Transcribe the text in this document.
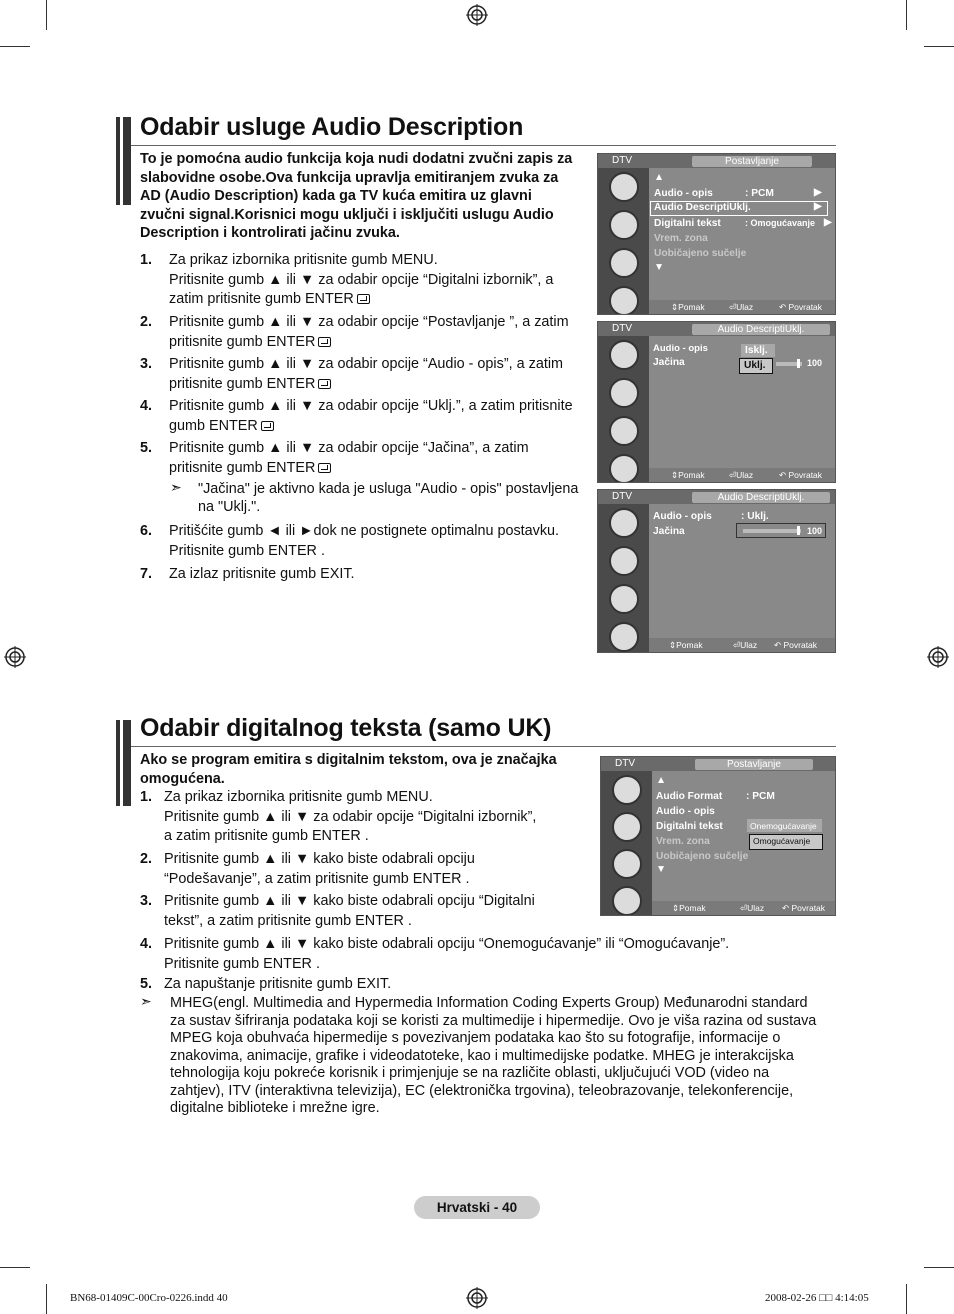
Odabir usluge Audio Description
To je pomoćna audio funkcija koja nudi dodatni zvučni zapis za slabovidne osobe.Ova funkcija upravlja emitiranjem zvuka za AD (Audio Description) kada ga TV kuća emitira uz glavni zvučni signal.Korisnici mogu uključi i isključiti uslugu Audio Description i kontrolirati jačinu zvuka.
1. Za prikaz izbornika pritisnite gumb MENU.
Pritisnite gumb ▲ ili ▼ za odabir opcije “Digitalni izbornik”, a
zatim pritisnite gumb ENTER
2. Pritisnite gumb ▲ ili ▼ za odabir opcije “Postavljanje ”, a zatim
pritisnite gumb ENTER
3. Pritisnite gumb ▲ ili ▼ za odabir opcije “Audio - opis”, a zatim
pritisnite gumb ENTER
4. Pritisnite gumb ▲ ili ▼ za odabir opcije “Uklj.”, a zatim pritisnite
gumb ENTER
5. Pritisnite gumb ▲ ili ▼ za odabir opcije “Jačina”, a zatim
pritisnite gumb ENTER
➣ "Jačina" je aktivno kada je usluga "Audio - opis" postavljena
na "Uklj.".
6. Pritišćite gumb ◄ ili ►dok ne postignete optimalnu postavku.
Pritisnite gumb ENTER .
7. Za izlaz pritisnite gumb EXIT.
DTV	Postavljanje
▲
Audio - opis	: PCM	▶
Audio DescriptiUklj.	▶
Digitalni tekst	: Omogućavanje ▶
Vrem. zona
Uobičajeno sučelje
▼
⇕Pomak	⏎Ulaz	↶ Povratak
DTV	Audio DescriptiUklj.
Audio - opis
Jačina
Isklj.
Uklj.	100
⇕Pomak	⏎Ulaz	↶ Povratak
DTV	Audio DescriptiUklj.
Audio - opis	: Uklj.
Jačina	100
⇕Pomak	⏎Ulaz ↶ Povratak
Odabir digitalnog teksta (samo UK)
Ako se program emitira s digitalnim tekstom, ova je značajka
omogućena.
1. Za prikaz izbornika pritisnite gumb MENU.
Pritisnite gumb ▲ ili ▼ za odabir opcije “Digitalni izbornik”,
a zatim pritisnite gumb ENTER .
2. Pritisnite gumb ▲ ili ▼ kako biste odabrali opciju
“Podešavanje”, a zatim pritisnite gumb ENTER .
3. Pritisnite gumb ▲ ili ▼ kako biste odabrali opciju “Digitalni
tekst”, a zatim pritisnite gumb ENTER .
4. Pritisnite gumb ▲ ili ▼ kako biste odabrali opciju “Onemogućavanje” ili “Omogućavanje”.
Pritisnite gumb ENTER .
5. Za napuštanje pritisnite gumb EXIT.
➣ MHEG(engl. Multimedia and Hypermedia Information Coding Experts Group) Međunarodni standard
za sustav šifriranja podataka koji se koristi za multimedije i hipermedije. Ovo je viša razina od sustava
MPEG koja obuhvaća hipermedije s povezivanjem podataka kao što su fotografije, informacije o
znakovima, animacije, grafike i videodatoteke, kao i multimedijske podatke. MHEG je interakcijska
tehnologija koju pokreće korisnik i primjenjuje se na različite oblasti, uključujući VOD (video na
zahtjev), ITV (interaktivna televizija), EC (elektronička trgovina), teleobrazovanje, telekonferencije,
digitalne biblioteke i mrežne igre.
DTV	Postavljanje
▲
Audio Format : PCM
Audio - opis
Digitalni tekst	Onemogućavanje
Omogućavanje
Vrem. zona
Uobičajeno sučelje
▼
⇕Pomak	⏎Ulaz ↶ Povratak
Hrvatski - 40
BN68-01409C-00Cro-0226.indd 40	2008-02-26 □□ 4:14:05
